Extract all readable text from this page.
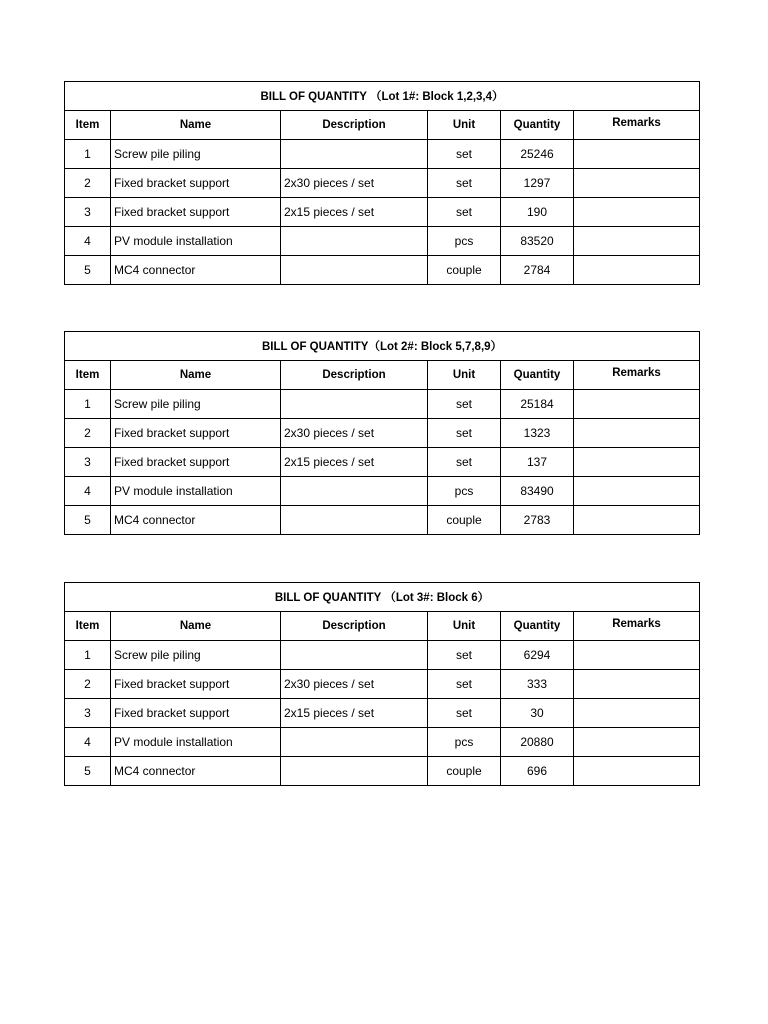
BILL OF QUANTITY （Lot 1#: Block 1,2,3,4）					
Item	Name	Description	Unit	Quantity	Remarks
1	Screw pile piling		set	25246	
2	Fixed bracket support	2x30 pieces / set	set	1297	
3	Fixed bracket support	2x15 pieces / set	set	190	
4	PV module installation		pcs	83520	
5	MC4 connector		couple	2784	
BILL OF QUANTITY（Lot 2#: Block 5,7,8,9）					
Item	Name	Description	Unit	Quantity	Remarks
1	Screw pile piling		set	25184	
2	Fixed bracket support	2x30 pieces / set	set	1323	
3	Fixed bracket support	2x15 pieces / set	set	137	
4	PV module installation		pcs	83490	
5	MC4 connector		couple	2783	
BILL OF QUANTITY （Lot 3#: Block 6）					
Item	Name	Description	Unit	Quantity	Remarks
1	Screw pile piling		set	6294	
2	Fixed bracket support	2x30 pieces / set	set	333	
3	Fixed bracket support	2x15 pieces / set	set	30	
4	PV module installation		pcs	20880	
5	MC4 connector		couple	696	
